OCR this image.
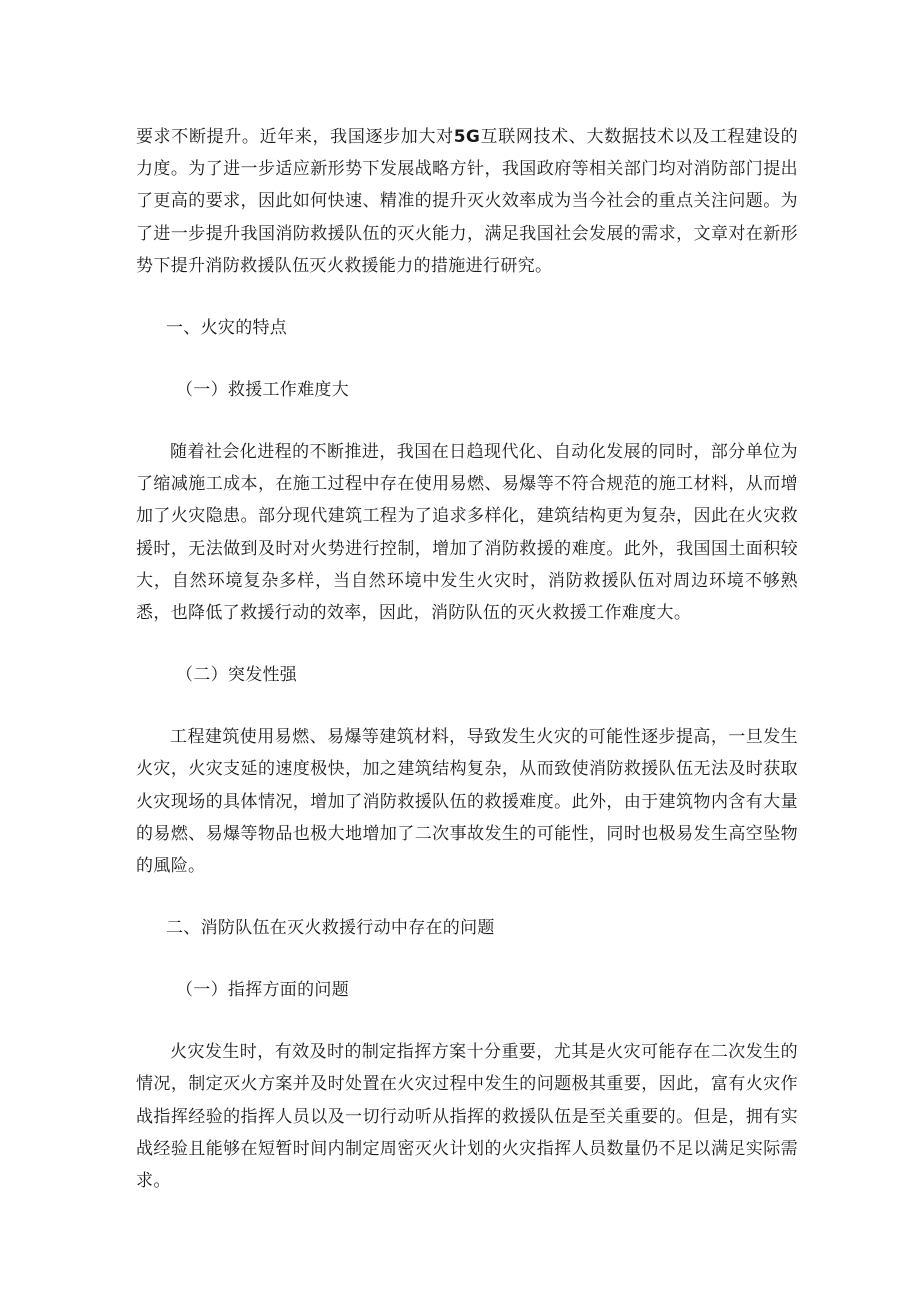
要求不断提升。近年来，我国逐步加大对5G互联网技术、大数据技术以及工程建设的力度。为了进一步适应新形势下发展战略方针，我国政府等相关部门均对消防部门提出了更高的要求，因此如何快速、精准的提升灭火效率成为当今社会的重点关注问题。为了进一步提升我国消防救援队伍的灭火能力，满足我国社会发展的需求，文章对在新形势下提升消防救援队伍灭火救援能力的措施进行研究。

一、火灾的特点

（一）救援工作难度大

随着社会化进程的不断推进，我国在日趋现代化、自动化发展的同时，部分单位为了缩减施工成本，在施工过程中存在使用易燃、易爆等不符合规范的施工材料，从而增加了火灾隐患。部分现代建筑工程为了追求多样化，建筑结构更为复杂，因此在火灾救援时，无法做到及时对火势进行控制，增加了消防救援的难度。此外，我国国土面积较大，自然环境复杂多样，当自然环境中发生火灾时，消防救援队伍对周边环境不够熟悉，也降低了救援行动的效率，因此，消防队伍的灭火救援工作难度大。

（二）突发性强

工程建筑使用易燃、易爆等建筑材料，导致发生火灾的可能性逐步提高，一旦发生火灾，火灾支延的速度极快，加之建筑结构复杂，从而致使消防救援队伍无法及时获取火灾现场的具体情况，增加了消防救援队伍的救援难度。此外，由于建筑物内含有大量的易燃、易爆等物品也极大地增加了二次事故发生的可能性，同时也极易发生高空坠物的風险。

二、消防队伍在灭火救援行动中存在的问题

（一）指挥方面的问题

火灾发生时，有效及时的制定指挥方案十分重要，尤其是火灾可能存在二次发生的情况，制定灭火方案并及时处置在火灾过程中发生的问题极其重要，因此，富有火灾作战指挥经验的指挥人员以及一切行动听从指挥的救援队伍是至关重要的。但是，拥有实战经验且能够在短暂时间内制定周密灭火计划的火灾指挥人员数量仍不足以满足实际需求。
